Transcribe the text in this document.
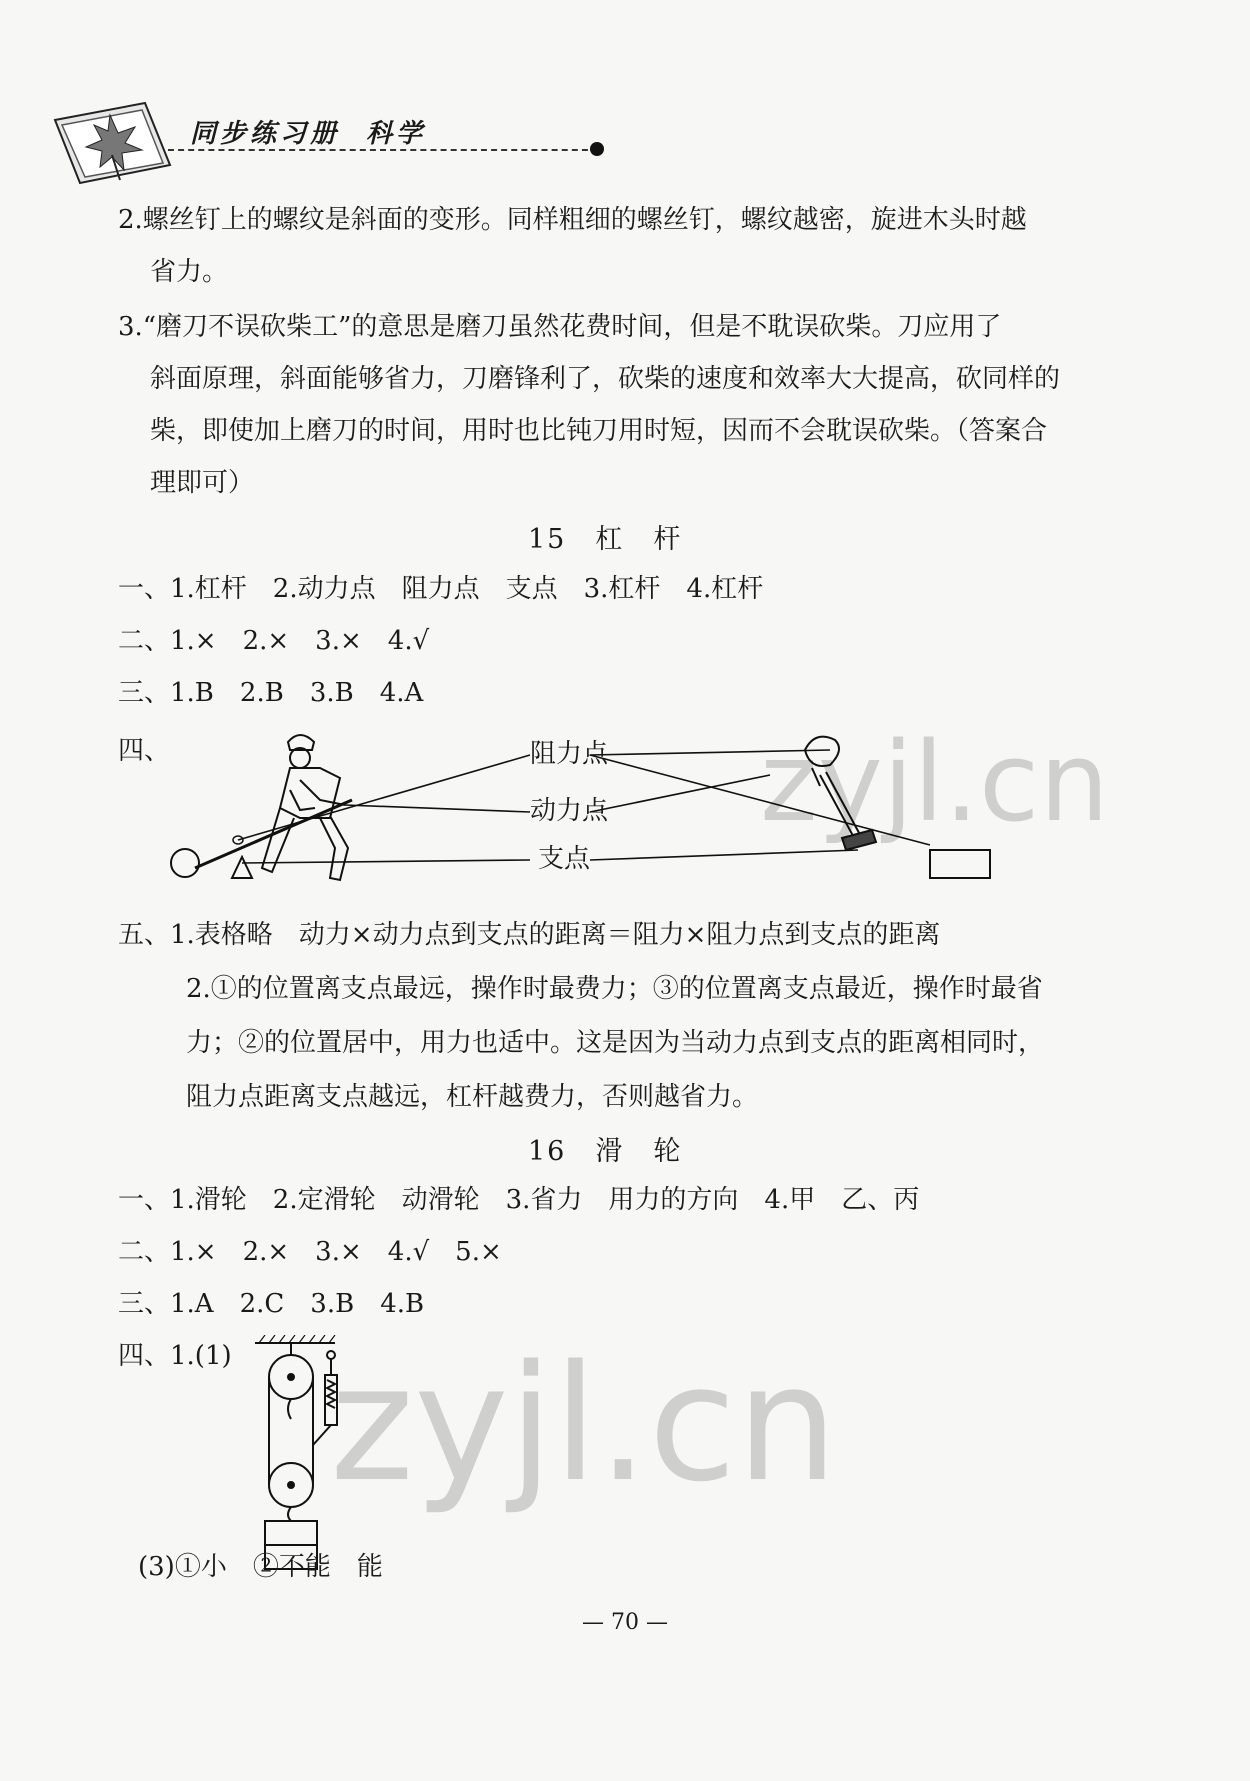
同步练习册 科学
2.螺丝钉上的螺纹是斜面的变形。同样粗细的螺丝钉，螺纹越密，旋进木头时越
省力。
3.“磨刀不误砍柴工”的意思是磨刀虽然花费时间，但是不耽误砍柴。刀应用了
斜面原理，斜面能够省力，刀磨锋利了，砍柴的速度和效率大大提高，砍同样的
柴，即使加上磨刀的时间，用时也比钝刀用时短，因而不会耽误砍柴。（答案合
理即可）
15　杠　杆
一、1.杠杆　2.动力点　阻力点　支点　3.杠杆　4.杠杆
二、1.×　2.×　3.×　4.√
三、1.B　2.B　3.B　4.A
四、	阻力点
动力点
支点
五、1.表格略　动力×动力点到支点的距离＝阻力×阻力点到支点的距离
2.①的位置离支点最远，操作时最费力；③的位置离支点最近，操作时最省
力；②的位置居中，用力也适中。这是因为当动力点到支点的距离相同时，
阻力点距离支点越远，杠杆越费力，否则越省力。
16　滑　轮
一、1.滑轮　2.定滑轮　动滑轮　3.省力　用力的方向　4.甲　乙、丙
二、1.×　2.×　3.×　4.√　5.×
三、1.A　2.C　3.B　4.B
四、1.(1)
(3)①小　②不能　能
zyjl.cn
zyjl.cn
— 70 —
